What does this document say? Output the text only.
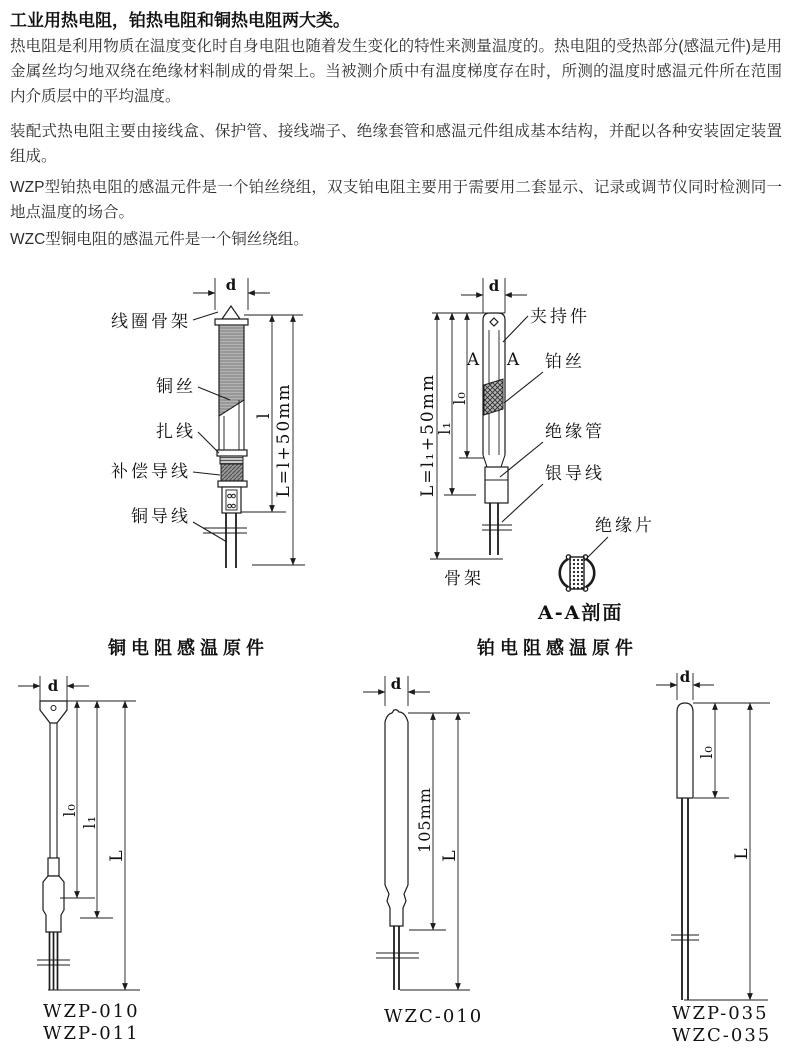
工业用热电阻，铂热电阻和铜热电阻两大类。
热电阻是利用物质在温度变化时自身电阻也随着发生变化的特性来测量温度的。热电阻的受热部分(感温元件)是用金属丝均匀地双绕在绝缘材料制成的骨架上。当被测介质中有温度梯度存在时，所测的温度时感温元件所在范围内介质层中的平均温度。
装配式热电阻主要由接线盒、保护管、接线端子、绝缘套管和感温元件组成基本结构，并配以各种安装固定装置组成。
WZP型铂热电阻的感温元件是一个铂丝绕组，双支铂电阻主要用于需要用二套显示、记录或调节仪同时检测同一地点温度的场合。
WZC型铜电阻的感温元件是一个铜丝绕组。
d
l L=l+50mm
线圈骨架
铜丝
扎线
补偿导线
铜导线
d
L=l₁+50mm
l₁
l₀
A A
骨架
夹持件
铂丝
绝缘管
银导线
绝缘片
A-A剖面
铜电阻感温原件	铂电阻感温原件
d
l₀
l₁
L
WZP-010
WZP-011
d
105mm
L
WZC-010
d
l₀
L
WZP-035
WZC-035
